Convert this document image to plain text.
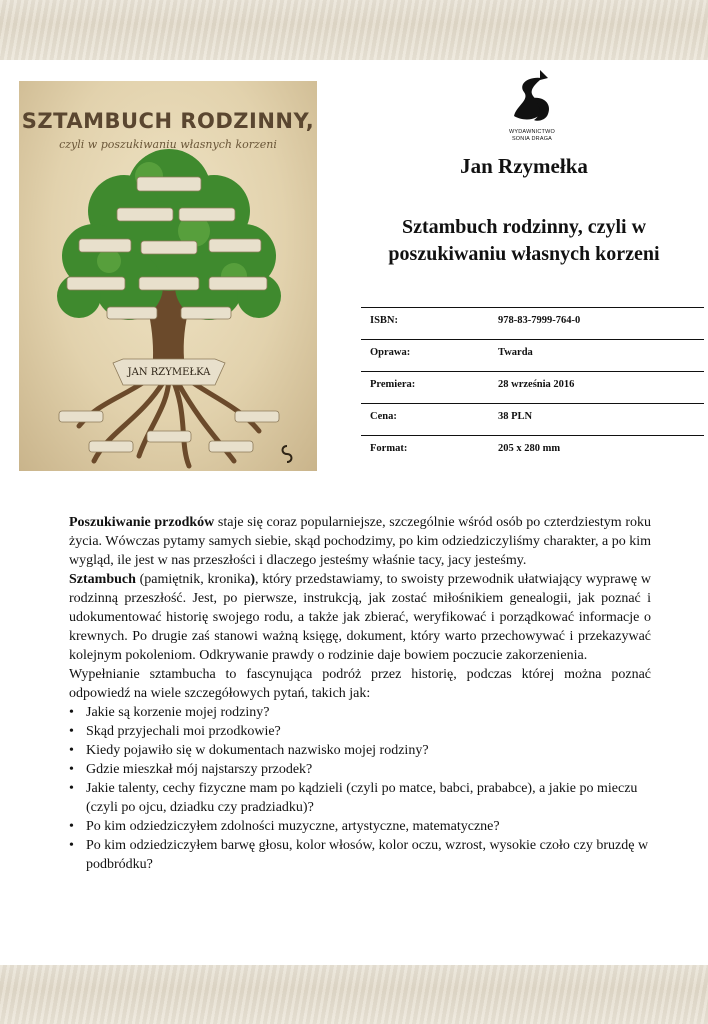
SZTAMBUCH RODZINNY,
czyli w poszukiwaniu własnych korzeni
JAN RZYMEŁKA
WYDAWNICTWO
SONIA DRAGA
Jan Rzymełka
Sztambuch rodzinny, czyli w poszukiwaniu własnych korzeni
ISBN:	978-83-7999-764-0
Oprawa:	Twarda
Premiera:	28 września 2016
Cena:	38 PLN
Format:	205 x 280 mm

Poszukiwanie przodków staje się coraz popularniejsze, szczególnie wśród osób po czterdziestym roku życia. Wówczas pytamy samych siebie, skąd pochodzimy, po kim odziedziczyliśmy charakter, a po kim wygląd, ile jest w nas przeszłości i dlaczego jesteśmy właśnie tacy, jacy jesteśmy.

Sztambuch (pamiętnik, kronika), który przedstawiamy, to swoisty przewodnik ułatwiający wyprawę w rodzinną przeszłość. Jest, po pierwsze, instrukcją, jak zostać miłośnikiem genealogii, jak poznać i udokumentować historię swojego rodu, a także jak zbierać, weryfikować i porządkować informacje o krewnych. Po drugie zaś stanowi ważną księgę, dokument, który warto przechowywać i przekazywać kolejnym pokoleniom. Odkrywanie prawdy o rodzinie daje bowiem poczucie zakorzenienia.

Wypełnianie sztambucha to fascynująca podróż przez historię, podczas której można poznać odpowiedź na wiele szczegółowych pytań, takich jak:

• Jakie są korzenie mojej rodziny?
• Skąd przyjechali moi przodkowie?
• Kiedy pojawiło się w dokumentach nazwisko mojej rodziny?
• Gdzie mieszkał mój najstarszy przodek?
• Jakie talenty, cechy fizyczne mam po kądzieli (czyli po matce, babci, prababce), a jakie po mieczu (czyli po ojcu, dziadku czy pradziadku)?
• Po kim odziedziczyłem zdolności muzyczne, artystyczne, matematyczne?
• Po kim odziedziczyłem barwę głosu, kolor włosów, kolor oczu, wzrost, wysokie czoło czy bruzdę w podbródku?
